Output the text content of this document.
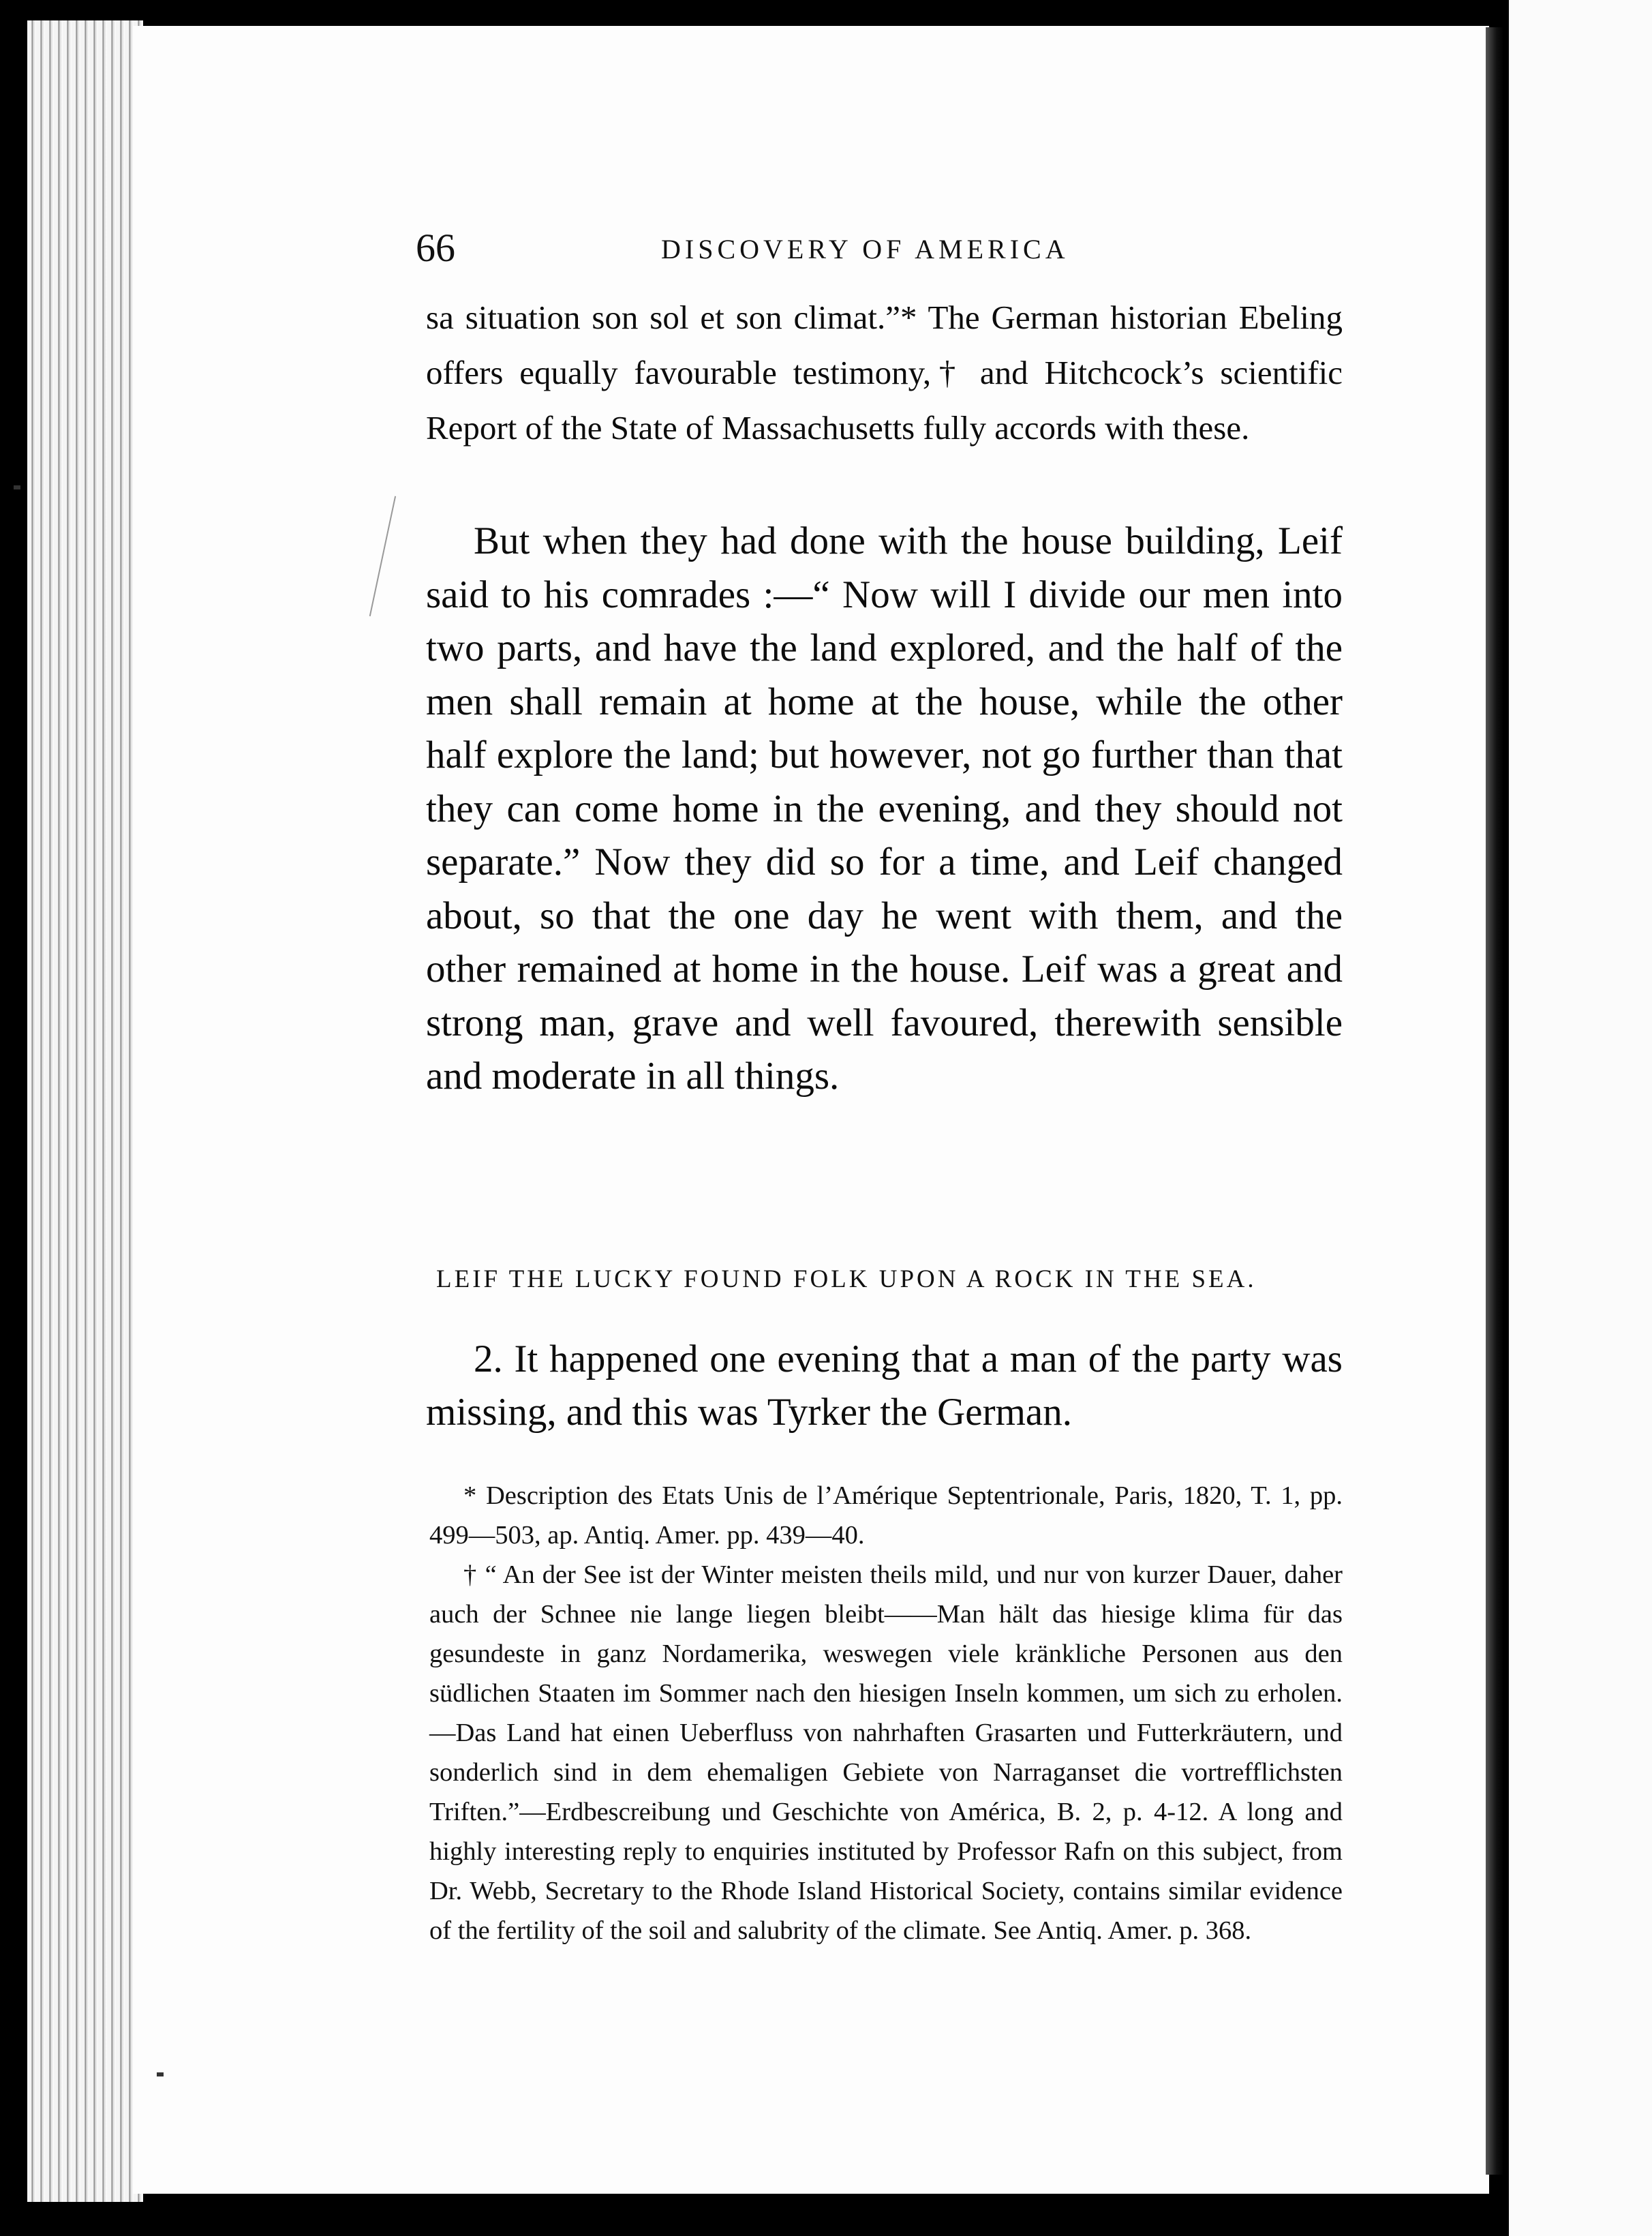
66	DISCOVERY OF AMERICA
sa situation son sol et son climat.”* The German historian Ebeling offers equally favourable testimony,† and Hitchcock’s scientific Report of the State of Massachusetts fully accords with these.
But when they had done with the house building, Leif said to his comrades :—“ Now will I divide our men into two parts, and have the land explored, and the half of the men shall remain at home at the house, while the other half explore the land; but however, not go further than that they can come home in the evening, and they should not separate.” Now they did so for a time, and Leif changed about, so that the one day he went with them, and the other remained at home in the house. Leif was a great and strong man, grave and well favoured, therewith sensible and moderate in all things.
LEIF THE LUCKY FOUND FOLK UPON A ROCK IN THE SEA.
2. It happened one evening that a man of the party was missing, and this was Tyrker the German.

* Description des Etats Unis de l’Amérique Septentrionale, Paris, 1820, T. 1, pp. 499—503, ap. Antiq. Amer. pp. 439—40.

† “ An der See ist der Winter meisten theils mild, und nur von kurzer Dauer, daher auch der Schnee nie lange liegen bleibt——Man hält das hiesige klima für das gesundeste in ganz Nordamerika, weswegen viele kränkliche Personen aus den südlichen Staaten im Sommer nach den hiesigen Inseln kommen, um sich zu erholen.—Das Land hat einen Ueberfluss von nahrhaften Grasarten und Futterkräutern, und sonderlich sind in dem ehemaligen Gebiete von Narraganset die vortrefflichsten Triften.”—Erdbescreibung und Geschichte von América, B. 2, p. 4-12. A long and highly interesting reply to enquiries instituted by Professor Rafn on this subject, from Dr. Webb, Secretary to the Rhode Island Historical Society, contains similar evidence of the fertility of the soil and salubrity of the climate. See Antiq. Amer. p. 368.
